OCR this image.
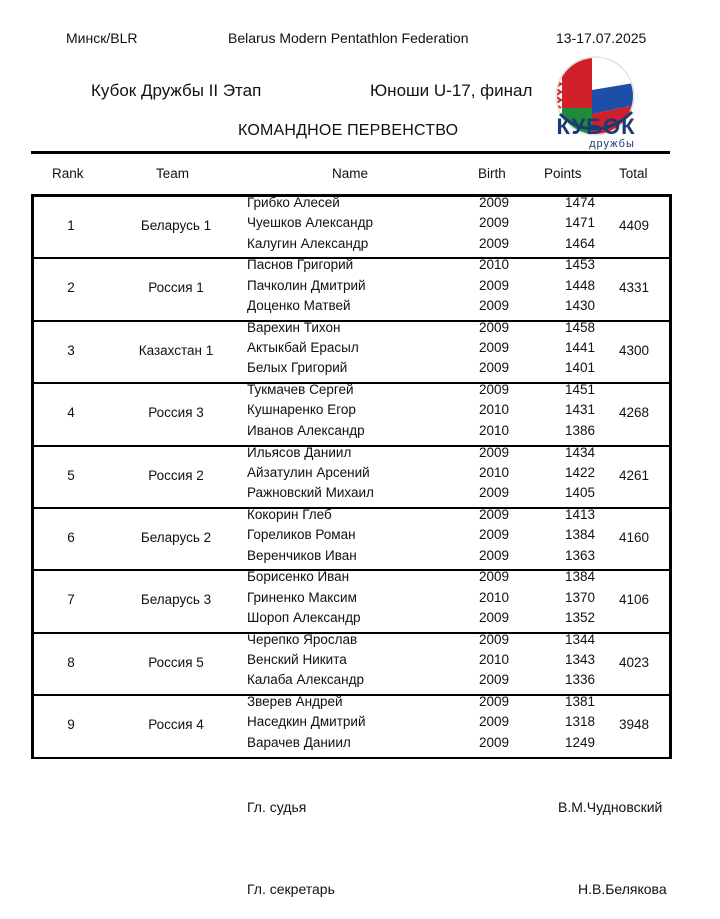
Минск/BLR	Belarus Modern Pentathlon Federation	13-17.07.2025
Кубок Дружбы II Этап	Юноши U-17, финал
КОМАНДНОЕ ПЕРВЕНСТВО	КУБОК
дружбы
Rank	Team	Name	Birth	Points	Total
1	Беларусь 1	4409
Грибко Алесей	2009	1474
Чуешков Александр	2009	1471
Калугин Александр	2009	1464
2	Россия 1	4331
Паснов Григорий	2010	1453
Пачколин Дмитрий	2009	1448
Доценко Матвей	2009	1430
3	Казахстан 1	4300
Варехин Тихон	2009	1458
Актыкбай Ерасыл	2009	1441
Белых Григорий	2009	1401
4	Россия 3	4268
Тукмачев Сергей	2009	1451
Кушнаренко Егор	2010	1431
Иванов Александр	2010	1386
5	Россия 2	4261
Ильясов Даниил	2009	1434
Айзатулин Арсений	2010	1422
Ражновский Михаил	2009	1405
6	Беларусь 2	4160
Кокорин Глеб	2009	1413
Гореликов Роман	2009	1384
Веренчиков Иван	2009	1363
7	Беларусь 3	4106
Борисенко Иван	2009	1384
Гриненко Максим	2010	1370
Шороп Александр	2009	1352
8	Россия 5	4023
Черепко Ярослав	2009	1344
Венский Никита	2010	1343
Калаба Александр	2009	1336
9	Россия 4	3948
Зверев Андрей	2009	1381
Наседкин Дмитрий	2009	1318
Варачев Даниил	2009	1249
Гл. судья	В.М.Чудновский
Гл. секретарь	Н.В.Белякова
